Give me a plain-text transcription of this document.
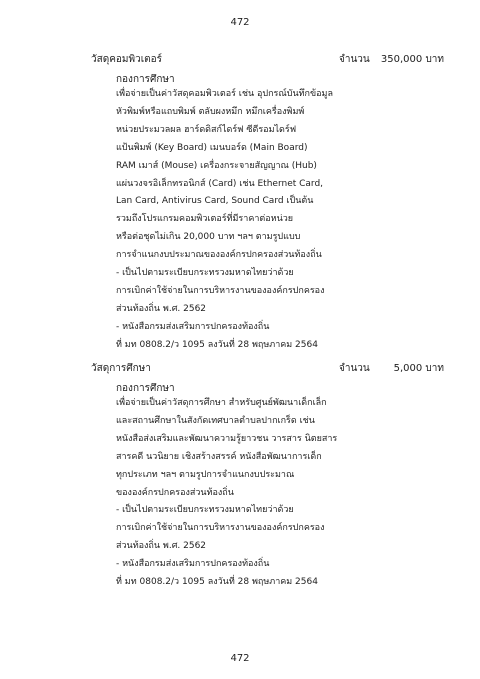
472
วัสดุคอมพิวเตอร์	จำนวน 350,000 บาท
กองการศึกษา
เพื่อจ่ายเป็นค่าวัสดุคอมพิวเตอร์ เช่น อุปกรณ์บันทึกข้อมูล
หัวพิมพ์หรือแถบพิมพ์ ตลับผงหมึก หมึกเครื่องพิมพ์
หน่วยประมวลผล ฮาร์ดดิสก์ไดร์ฟ ซีดีรอมไดร์ฟ
แป้นพิมพ์ (Key Board) เมนบอร์ด (Main Board)
RAM เมาส์ (Mouse) เครื่องกระจายสัญญาณ (Hub)
แผ่นวงจรอิเล็กทรอนิกส์ (Card) เช่น Ethernet Card,
Lan Card, Antivirus Card, Sound Card เป็นต้น
รวมถึงโปรแกรมคอมพิวเตอร์ที่มีราคาต่อหน่วย
หรือต่อชุดไม่เกิน 20,000 บาท ฯลฯ ตามรูปแบบ
การจำแนกงบประมาณขององค์กรปกครองส่วนท้องถิ่น
- เป็นไปตามระเบียบกระทรวงมหาดไทยว่าด้วย
การเบิกค่าใช้จ่ายในการบริหารงานขององค์กรปกครอง
ส่วนท้องถิ่น พ.ศ. 2562
- หนังสือกรมส่งเสริมการปกครองท้องถิ่น
ที่ มท 0808.2/ว 1095 ลงวันที่ 28 พฤษภาคม 2564
วัสดุการศึกษา	จำนวน 5,000 บาท
กองการศึกษา
เพื่อจ่ายเป็นค่าวัสดุการศึกษา สำหรับศูนย์พัฒนาเด็กเล็ก
และสถานศึกษาในสังกัดเทศบาลตำบลปากเกร็ด เช่น
หนังสือส่งเสริมและพัฒนาความรู้ยาวชน วารสาร นิตยสาร
สารคดี นวนิยาย เชิงสร้างสรรค์ หนังสือพัฒนาการเด็ก
ทุกประเภท ฯลฯ ตามรูปการจำแนกงบประมาณ
ขององค์กรปกครองส่วนท้องถิ่น
- เป็นไปตามระเบียบกระทรวงมหาดไทยว่าด้วย
การเบิกค่าใช้จ่ายในการบริหารงานขององค์กรปกครอง
ส่วนท้องถิ่น พ.ศ. 2562
- หนังสือกรมส่งเสริมการปกครองท้องถิ่น
ที่ มท 0808.2/ว 1095 ลงวันที่ 28 พฤษภาคม 2564
472
